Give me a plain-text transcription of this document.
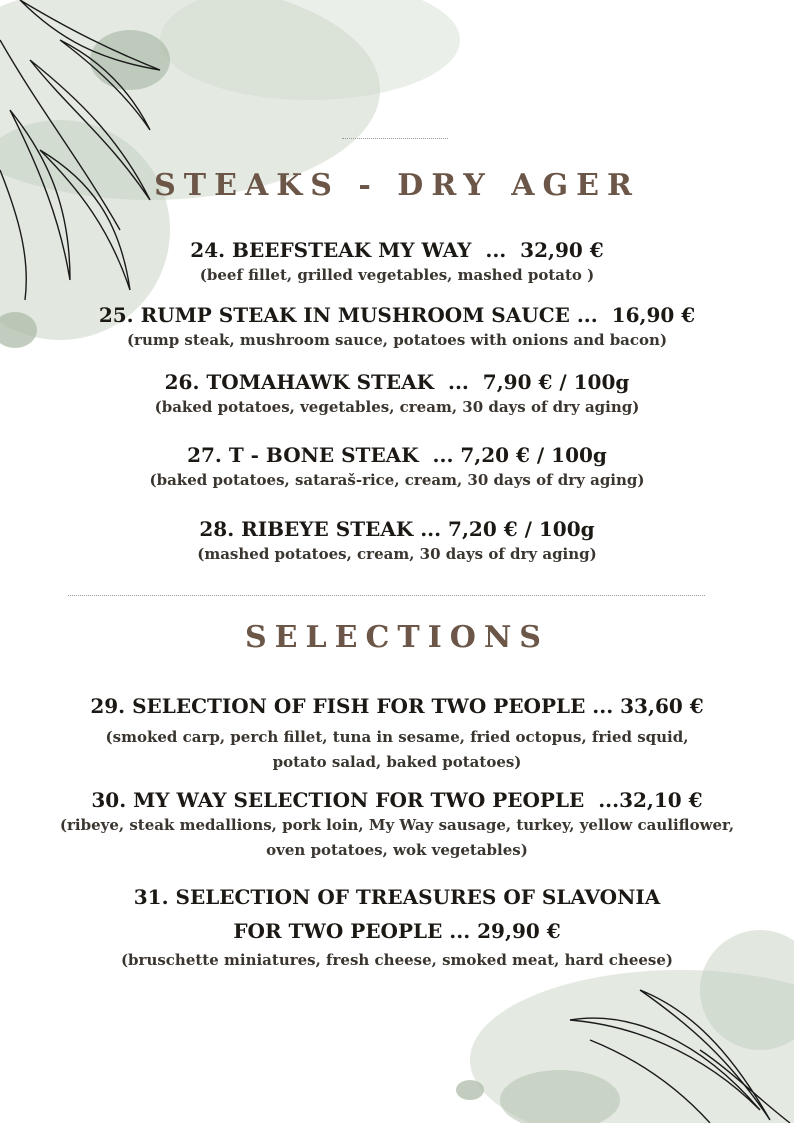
STEAKS - DRY AGER
24. BEEFSTEAK MY WAY  ...  32,90 €
(beef fillet, grilled vegetables, mashed potato )
25. RUMP STEAK IN MUSHROOM SAUCE ...  16,90 €
(rump steak, mushroom sauce, potatoes with onions and bacon)
26. TOMAHAWK STEAK  ...  7,90 € / 100g
(baked potatoes, vegetables, cream, 30 days of dry aging)
27. T - BONE STEAK  ... 7,20 € / 100g
(baked potatoes, sataraš-rice, cream, 30 days of dry aging)
28. RIBEYE STEAK ... 7,20 € / 100g
(mashed potatoes, cream, 30 days of dry aging)
SELECTIONS
29. SELECTION OF FISH FOR TWO PEOPLE ... 33,60 €
(smoked carp, perch fillet, tuna in sesame, fried octopus, fried squid, potato salad, baked potatoes)
30. MY WAY SELECTION FOR TWO PEOPLE  ...32,10 €
(ribeye, steak medallions, pork loin, My Way sausage, turkey, yellow cauliflower, oven potatoes, wok vegetables)
31. SELECTION OF TREASURES OF SLAVONIA
FOR TWO PEOPLE ... 29,90 €
(bruschette miniatures, fresh cheese, smoked meat, hard cheese)
